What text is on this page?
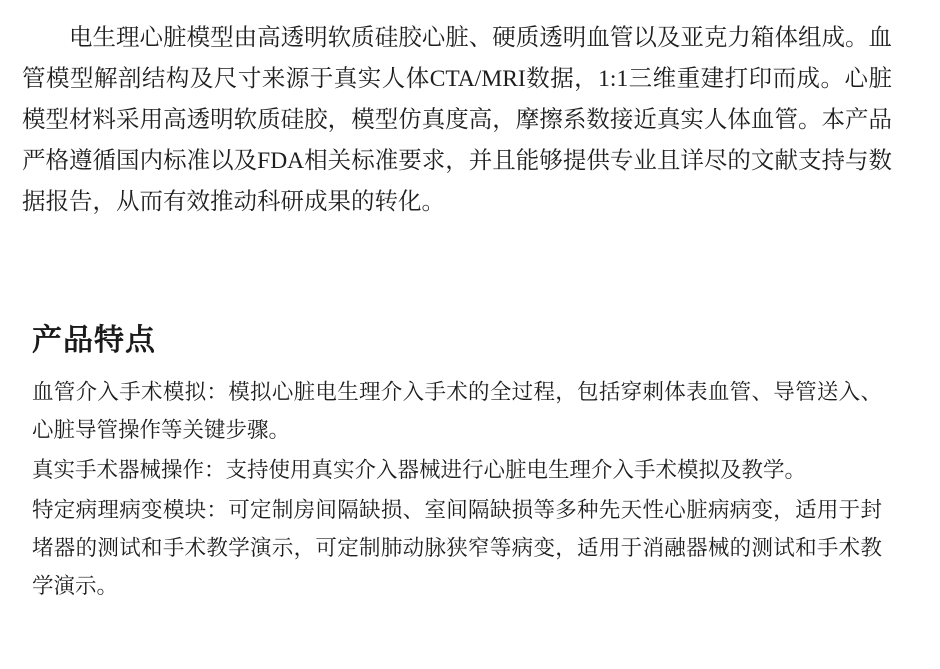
电生理心脏模型由高透明软质硅胶心脏、硬质透明血管以及亚克力箱体组成。血管模型解剖结构及尺寸来源于真实人体CTA/MRI数据，1:1三维重建打印而成。心脏模型材料采用高透明软质硅胶，模型仿真度高，摩擦系数接近真实人体血管。本产品严格遵循国内标准以及FDA相关标准要求，并且能够提供专业且详尽的文献支持与数据报告，从而有效推动科研成果的转化。

产品特点
血管介入手术模拟：模拟心脏电生理介入手术的全过程，包括穿刺体表血管、导管送入、心脏导管操作等关键步骤。
真实手术器械操作：支持使用真实介入器械进行心脏电生理介入手术模拟及教学。
特定病理病变模块：可定制房间隔缺损、室间隔缺损等多种先天性心脏病病变，适用于封堵器的测试和手术教学演示，可定制肺动脉狭窄等病变，适用于消融器械的测试和手术教学演示。
